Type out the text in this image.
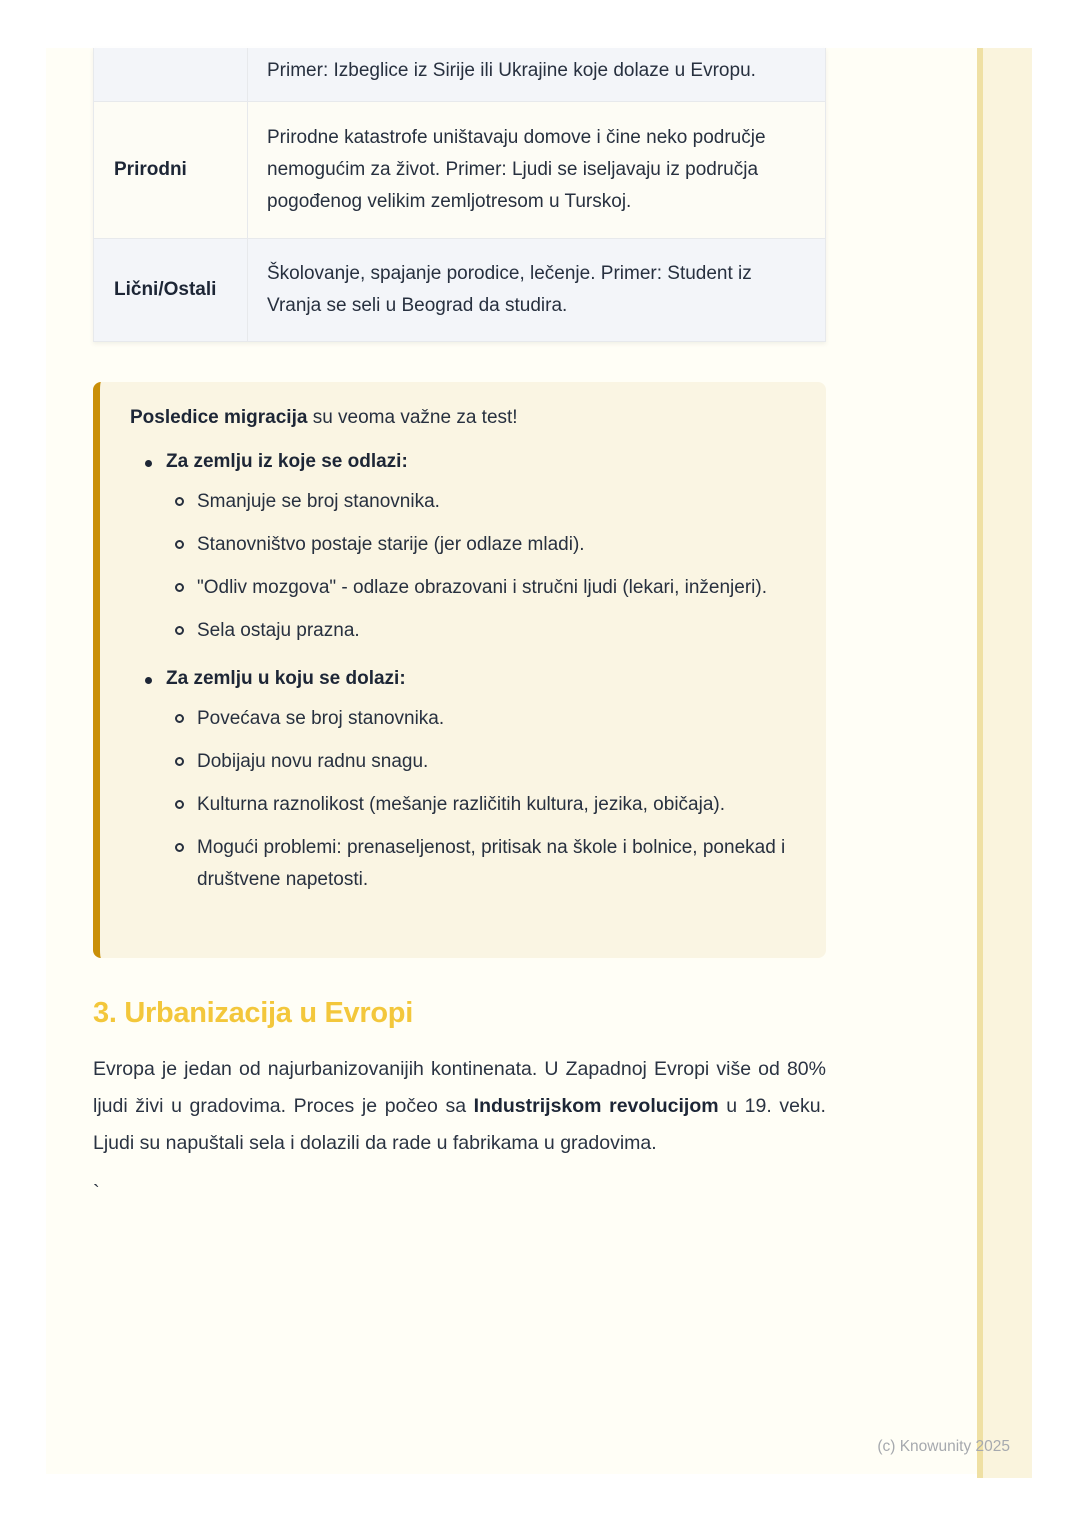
Primer: Izbeglice iz Sirije ili Ukrajine koje dolaze u Evropu.
Prirodni
Prirodne katastrofe uništavaju domove i čine neko područje nemogućim za život. Primer: Ljudi se iseljavaju iz područja pogođenog velikim zemljotresom u Turskoj.
Lični/Ostali
Školovanje, spajanje porodice, lečenje. Primer: Student iz Vranja se seli u Beograd da studira.

Posledice migracija su veoma važne za test!

Za zemlju iz koje se odlazi:
Smanjuje se broj stanovnika.
Stanovništvo postaje starije (jer odlaze mladi).
"Odliv mozgova" - odlaze obrazovani i stručni ljudi (lekari, inženjeri).
Sela ostaju prazna.
Za zemlju u koju se dolazi:
Povećava se broj stanovnika.
Dobijaju novu radnu snagu.
Kulturna raznolikost (mešanje različitih kultura, jezika, običaja).
Mogući problemi: prenaseljenost, pritisak na škole i bolnice, ponekad i društvene napetosti.
3. Urbanizacija u Evropi

Evropa je jedan od najurbanizovanijih kontinenata. U Zapadnoj Evropi više od 80% ljudi živi u gradovima. Proces je počeo sa Industrijskom revolucijom u 19. veku. Ljudi su napuštali sela i dolazili da rade u fabrikama u gradovima.

`
(c) Knowunity 2025
